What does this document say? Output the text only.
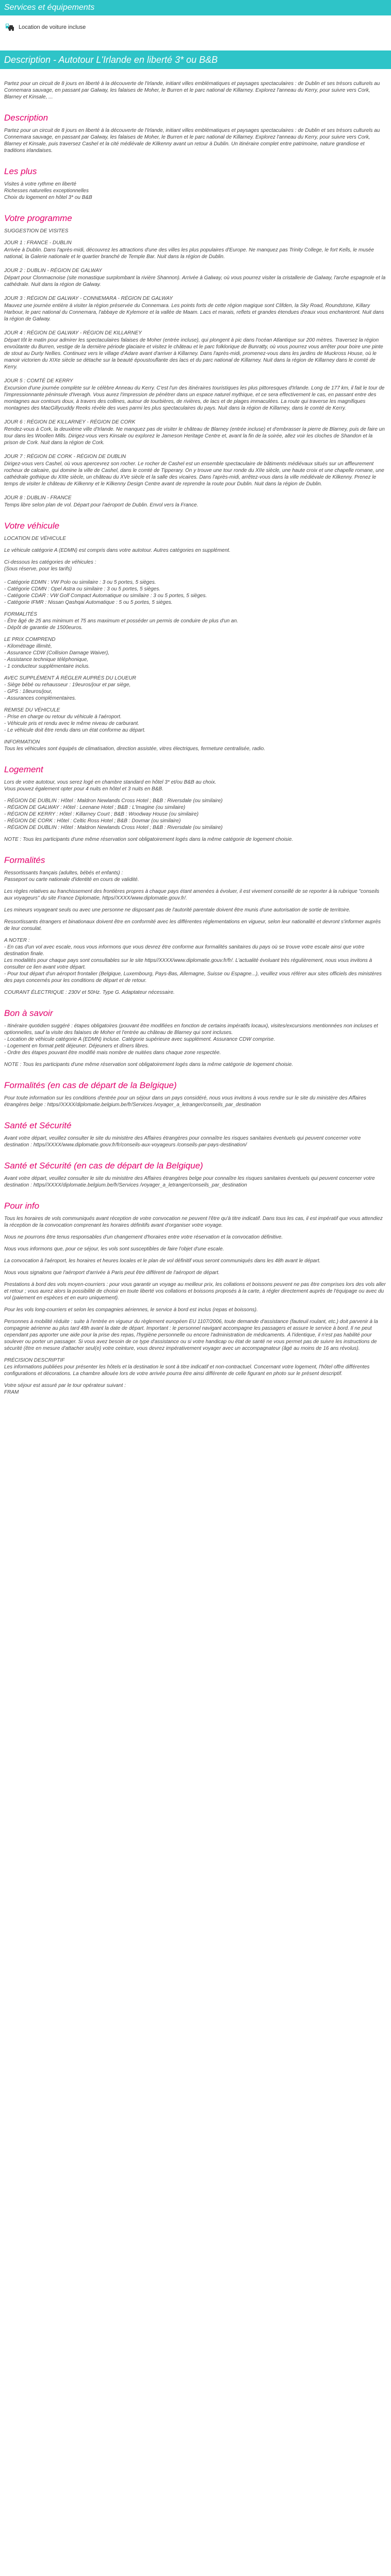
Services et équipements
Location de voiture incluse
Description - Autotour L'Irlande en liberté 3* ou B&B

Partez pour un circuit de 8 jours en liberté à la découverte de l'Irlande, initiant villes emblématiques et paysages spectaculaires : de Dublin et ses trésors culturels au Connemara sauvage, en passant par Galway, les falaises de Moher, le Burren et le parc national de Killarney. Explorez l'anneau du Kerry, pour suivre vers Cork, Blarney et Kinsale, ...

Description

Partez pour un circuit de 8 jours en liberté à la découverte de l'Irlande, initiant villes emblématiques et paysages spectaculaires : de Dublin et ses trésors culturels au Connemara sauvage, en passant par Galway, les falaises de Moher, le Burren et le parc national de Killarney. Explorez l'anneau du Kerry, pour suivre vers Cork, Blarney et Kinsale, puis traversez Cashel et la cité médiévale de Kilkenny avant un retour à Dublin. Un itinéraire complet entre patrimoine, nature grandiose et traditions irlandaises.

Les plus

Visites à votre rythme en liberté
Richesses naturelles exceptionnelles
Choix du logement en hôtel 3* ou B&B

Votre programme

SUGGESTION DE VISITES

JOUR 1 : FRANCE - DUBLIN
Arrivée à Dublin. Dans l'après-midi, découvrez les attractions d'une des villes les plus populaires d'Europe. Ne manquez pas Trinity College, le fort Kells, le musée national, la Galerie nationale et le quartier branché de Temple Bar. Nuit dans la région de Dublin.
JOUR 2 : DUBLIN - RÉGION DE GALWAY
Départ pour Clonmacnoise (site monastique surplombant la rivière Shannon). Arrivée à Galway, où vous pourrez visiter la cristallerie de Galway, l'arche espagnole et la cathédrale. Nuit dans la région de Galway.
JOUR 3 : RÉGION DE GALWAY - CONNEMARA - RÉGION DE GALWAY
Mauvez une journée entière à visiter la région préservée du Connemara. Les points forts de cette région magique sont Clifden, la Sky Road, Roundstone, Killary Harbour, le parc national du Connemara, l'abbaye de Kylemore et la vallée de Maam. Lacs et marais, reflets et grandes étendues d'eaux vous enchanteront. Nuit dans la région de Galway.
JOUR 4 : RÉGION DE GALWAY - RÉGION DE KILLARNEY
Départ tôt le matin pour admirer les spectaculaires falaises de Moher (entrée incluse), qui plongent à pic dans l'océan Atlantique sur 200 mètres. Traversez la région envoûtante du Burren, vestige de la dernière période glaciaire et visitez le château et le parc folklorique de Bunratty, où vous pourrez vous arrêter pour boire une pinte de stout au Durty Nellies. Continuez vers le village d'Adare avant d'arriver à Killarney. Dans l'après-midi, promenez-vous dans les jardins de Muckross House, où le manoir victorien du XIXe siècle se détache sur la beauté époustouflante des lacs et du parc national de Killarney. Nuit dans la région de Killarney dans le comté de Kerry.
JOUR 5 : COMTÉ DE KERRY
Excursion d'une journée complète sur le célèbre Anneau du Kerry. C'est l'un des itinéraires touristiques les plus pittoresques d'Irlande. Long de 177 km, il fait le tour de l'impressionnante péninsule d'Iveragh. Vous aurez l'impression de pénétrer dans un espace naturel mythique, et ce sera effectivement le cas, en passant entre des montagnes aux contours doux, à travers des collines, autour de tourbières, de rivières, de lacs et de plages immaculées. La route qui traverse les magnifiques montagnes des MacGillycuddy Reeks révèle des vues parmi les plus spectaculaires du pays. Nuit dans la région de Killarney, dans le comté de Kerry.
JOUR 6 : RÉGION DE KILLARNEY - RÉGION DE CORK
Rendez-vous à Cork, la deuxième ville d'Irlande. Ne manquez pas de visiter le château de Blarney (entrée incluse) et d'embrasser la pierre de Blarney, puis de faire un tour dans les Woollen Mills. Dirigez-vous vers Kinsale ou explorez le Jameson Heritage Centre et, avant la fin de la soirée, allez voir les cloches de Shandon et la prison de Cork. Nuit dans la région de Cork.
JOUR 7 : RÉGION DE CORK - RÉGION DE DUBLIN
Dirigez-vous vers Cashel, où vous apercevrez son rocher. Le rocher de Cashel est un ensemble spectaculaire de bâtiments médiévaux situés sur un affleurement rocheux de calcaire, qui domine la ville de Cashel, dans le comté de Tipperary. On y trouve une tour ronde du XIIe siècle, une haute croix et une chapelle romane, une cathédrale gothique du XIIIe siècle, un château du XVe siècle et la salle des vicaires. Dans l'après-midi, arrêtez-vous dans la ville médiévale de Kilkenny. Prenez le temps de visiter le château de Kilkenny et le Kilkenny Design Centre avant de reprendre la route pour Dublin. Nuit dans la région de Dublin.
JOUR 8 : DUBLIN - FRANCE
Temps libre selon plan de vol. Départ pour l'aéroport de Dublin. Envol vers la France.
Votre véhicule

LOCATION DE VÉHICULE

Le véhicule catégorie A (EDMN) est compris dans votre autotour. Autres catégories en supplément.

Ci-dessous les catégories de véhicules :
(Sous réserve, pour les tarifs)

- Catégorie EDMN : VW Polo ou similaire : 3 ou 5 portes, 5 sièges.
- Catégorie CDMN : Opel Astra ou similaire : 3 ou 5 portes, 5 sièges.
- Catégorie CDAR : VW Golf Compact Automatique ou similaire : 3 ou 5 portes, 5 sièges.
- Catégorie IFMR : Nissan Qashqai Automatique : 5 ou 5 portes, 5 sièges.

FORMALITÉS
- Être âgé de 25 ans minimum et 75 ans maximum et posséder un permis de conduire de plus d'un an.
- Dépôt de garantie de 1500euros.

LE PRIX COMPREND
- Kilométrage illimité,
- Assurance CDW (Collision Damage Waiver),
- Assistance technique téléphonique,
- 1 conducteur supplémentaire inclus.

AVEC SUPPLÉMENT À RÉGLER AUPRÈS DU LOUEUR
- Siège bébé ou rehausseur : 19euros/jour et par siège,
- GPS : 18euros/jour,
- Assurances complémentaires.

REMISE DU VÉHICULE
- Prise en charge ou retour du véhicule à l'aéroport.
- Véhicule pris et rendu avec le même niveau de carburant.
- Le véhicule doit être rendu dans un état conforme au départ.

INFORMATION
Tous les véhicules sont équipés de climatisation, direction assistée, vitres électriques, fermeture centralisée, radio.

Logement

Lors de votre autotour, vous serez logé en chambre standard en hôtel 3* et/ou B&B au choix.
Vous pouvez également opter pour 4 nuits en hôtel et 3 nuits en B&B.

- RÉGION DE DUBLIN : Hôtel : Maldron Newlands Cross Hotel ; B&B : Riversdale (ou similaire)
- RÉGION DE GALWAY : Hôtel : Leenane Hotel ; B&B : L'Imagine (ou similaire)
- RÉGION DE KERRY : Hôtel : Killarney Court ; B&B : Woodway House (ou similaire)
- RÉGION DE CORK : Hôtel : Celtic Ross Hotel ; B&B : Dovmar (ou similaire)
- RÉGION DE DUBLIN : Hôtel : Maldron Newlands Cross Hotel ; B&B : Riversdale (ou similaire)

NOTE : Tous les participants d'une même réservation sont obligatoirement logés dans la même catégorie de logement choisie.

Formalités

Ressortissants français (adultes, bébés et enfants) :
Passeport ou carte nationale d'identité en cours de validité.

Les règles relatives au franchissement des frontières propres à chaque pays étant amenées à évoluer, il est vivement conseillé de se reporter à la rubrique "conseils aux voyageurs" du site France Diplomatie, https//XXXX/www.diplomatie.gouv.fr/.

Les mineurs voyageant seuls ou avec une personne ne disposant pas de l'autorité parentale doivent être munis d'une autorisation de sortie de territoire.

Ressortissants étrangers et binationaux doivent être en conformité avec les différentes réglementations en vigueur, selon leur nationalité et devront s'informer auprès de leur consulat.

A NOTER :
- En cas d'un vol avec escale, nous vous informons que vous devrez être conforme aux formalités sanitaires du pays où se trouve votre escale ainsi que votre destination finale.
Les modalités pour chaque pays sont consultables sur le site https//XXXX/www.diplomatie.gouv.fr/fr/. L'actualité évoluant très régulièrement, nous vous invitons à consulter ce lien avant votre départ.
- Pour tout départ d'un aéroport frontalier (Belgique, Luxembourg, Pays-Bas, Allemagne, Suisse ou Espagne...), veuillez vous référer aux sites officiels des ministères des pays concernés pour les conditions de départ et de retour.

COURANT ÉLECTRIQUE : 230V et 50Hz. Type G. Adaptateur nécessaire.

Bon à savoir

- Itinéraire quotidien suggéré : étapes obligatoires (pouvant être modifiées en fonction de certains impératifs locaux), visites/excursions mentionnées non incluses et optionnelles, sauf la visite des falaises de Moher et l'entrée au château de Blarney qui sont incluses.
- Location de véhicule catégorie A (EDMN) incluse. Catégorie supérieure avec supplément. Assurance CDW comprise.
- Logement en format petit déjeuner. Déjeuners et dîners libres.
- Ordre des étapes pouvant être modifié mais nombre de nuitées dans chaque zone respectée.

NOTE : Tous les participants d'une même réservation sont obligatoirement logés dans la même catégorie de logement choisie.

Formalités (en cas de départ de la Belgique)

Pour toute information sur les conditions d'entrée pour un séjour dans un pays considéré, nous vous invitons à vous rendre sur le site du ministère des Affaires étrangères belge : https//XXXX/diplomatie.belgium.be/fr/Services /voyager_a_letranger/conseils_par_destination

Santé et Sécurité

Avant votre départ, veuillez consulter le site du ministère des Affaires étrangères pour connaître les risques sanitaires éventuels qui peuvent concerner votre destination : https//XXXX/www.diplomatie.gouv.fr/fr/conseils-aux-voyageurs /conseils-par-pays-destination/

Santé et Sécurité (en cas de départ de la Belgique)

Avant votre départ, veuillez consulter le site du ministère des Affaires étrangères belge pour connaître les risques sanitaires éventuels qui peuvent concerner votre destination : https//XXXX/diplomatie.belgium.be/fr/Services /voyager_a_letranger/conseils_par_destination

Pour info

Tous les horaires de vols communiqués avant réception de votre convocation ne peuvent l'être qu'à titre indicatif. Dans tous les cas, il est impératif que vous attendiez la réception de la convocation comprenant les horaires définitifs avant d'organiser votre voyage.

Nous ne pourrons être tenus responsables d'un changement d'horaires entre votre réservation et la convocation définitive.

Nous vous informons que, pour ce séjour, les vols sont susceptibles de faire l'objet d'une escale.

La convocation à l'aéroport, les horaires et heures locales et le plan de vol définitif vous seront communiqués dans les 48h avant le départ.

Nous vous signalons que l'aéroport d'arrivée à Paris peut être différent de l'aéroport de départ.

Prestations à bord des vols moyen-courriers : pour vous garantir un voyage au meilleur prix, les collations et boissons peuvent ne pas être comprises lors des vols aller et retour ; vous aurez alors la possibilité de choisir en toute liberté vos collations et boissons proposés à la carte, à régler directement auprès de l'équipage ou avec du vol (paiement en espèces et en euro uniquement).

Pour les vols long-courriers et selon les compagnies aériennes, le service à bord est inclus (repas et boissons).

Personnes à mobilité réduite : suite à l'entrée en vigueur du règlement européen EU 1107/2006, toute demande d'assistance (fauteuil roulant, etc.) doit parvenir à la compagnie aérienne au plus tard 48h avant la date de départ. Important : le personnel navigant accompagne les passagers et assure le service à bord. Il ne peut cependant pas apporter une aide pour la prise des repas, l'hygiène personnelle ou encore l'administration de médicaments. À l'identique, il n'est pas habilité pour soulever ou porter un passager. Si vous avez besoin de ce type d'assistance ou si votre handicap ou état de santé ne vous permet pas de suivre les instructions de sécurité (être en mesure d'attacher seul(e) votre ceinture, vous devrez impérativement voyager avec un accompagnateur (âgé au moins de 16 ans révolus).

PRÉCISION DESCRIPTIF

Les informations publiées pour présenter les hôtels et la destination le sont à titre indicatif et non-contractuel. Concernant votre logement, l'hôtel offre différentes configurations et décorations. La chambre allouée lors de votre arrivée pourra être ainsi différente de celle figurant en photo sur le présent descriptif.

Votre séjour est assuré par le tour opérateur suivant :

FRAM
